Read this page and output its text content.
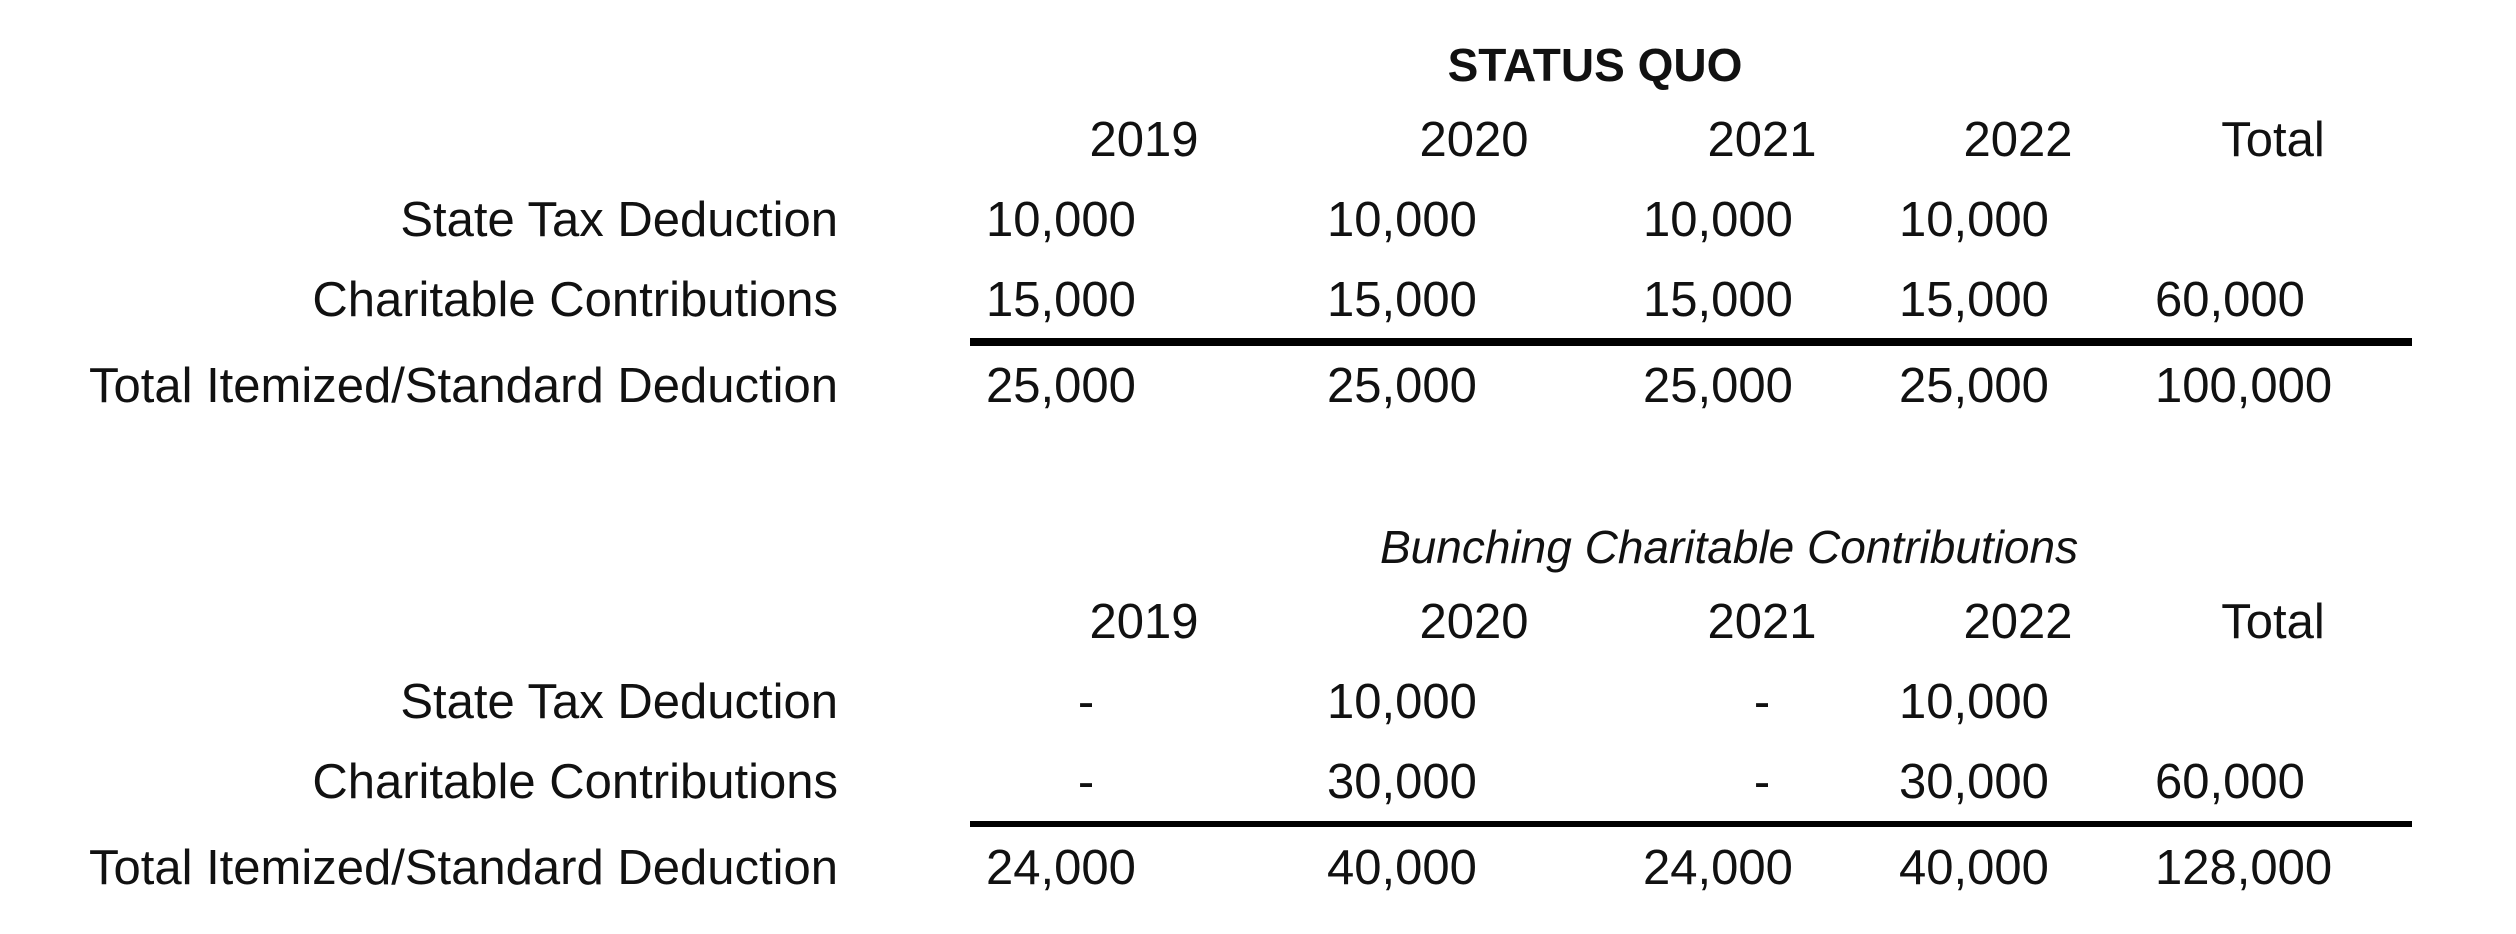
STATUS QUO
2019	2020	2021	2022	Total
State Tax Deduction	10,000	10,000	10,000	10,000
Charitable Contributions	15,000	15,000	15,000	15,000	60,000
Total Itemized/Standard Deduction	25,000	25,000	25,000	25,000	100,000
Bunching Charitable Contributions
2019	2020	2021	2022	Total
State Tax Deduction	-	10,000	-	10,000
Charitable Contributions	-	30,000	-	30,000	60,000
Total Itemized/Standard Deduction	24,000	40,000	24,000	40,000	128,000
